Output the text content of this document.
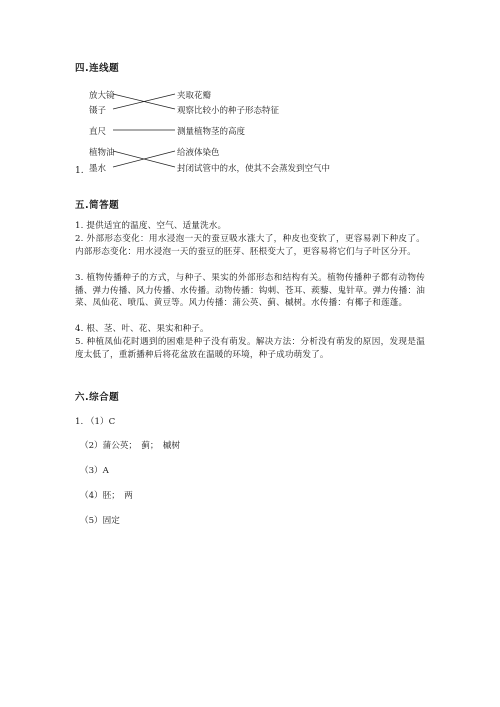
四.连线题
放大镜
镊子
直尺
植物油
墨水
夹取花瓣
观察比较小的种子形态特征
测量植物茎的高度
给液体染色
封闭试管中的水，使其不会蒸发到空气中
1.
五.简答题

1. 提供适宜的温度、空气、适量洗水。

2. 外部形态变化：用水浸泡一天的蚕豆吸水涨大了，种皮也变软了，更容易剥下种皮了。内部形态变化：用水浸泡一天的蚕豆的胚芽、胚根变大了，更容易将它们与子叶区分开。

3. 植物传播种子的方式，与种子、果实的外部形态和结构有关。植物传播种子都有动物传播、弹力传播、风力传播、水传播。动物传播：钩刺、苍耳、蒺藜、鬼针草。弹力传播：油菜、凤仙花、喷瓜、黄豆等。风力传播：蒲公英、蓟、槭树。水传播：有椰子和莲蓬。

4. 根、茎、叶、花、果实和种子。

5. 种植凤仙花时遇到的困难是种子没有萌发。解决方法：分析没有萌发的原因，发现是温度太低了，重新播种后将花盆放在温暖的环境，种子成功萌发了。

六.综合题
1. （1）C
（2）蒲公英；　蓟；　槭树
（3）A
（4）胚；　两
（5）固定
